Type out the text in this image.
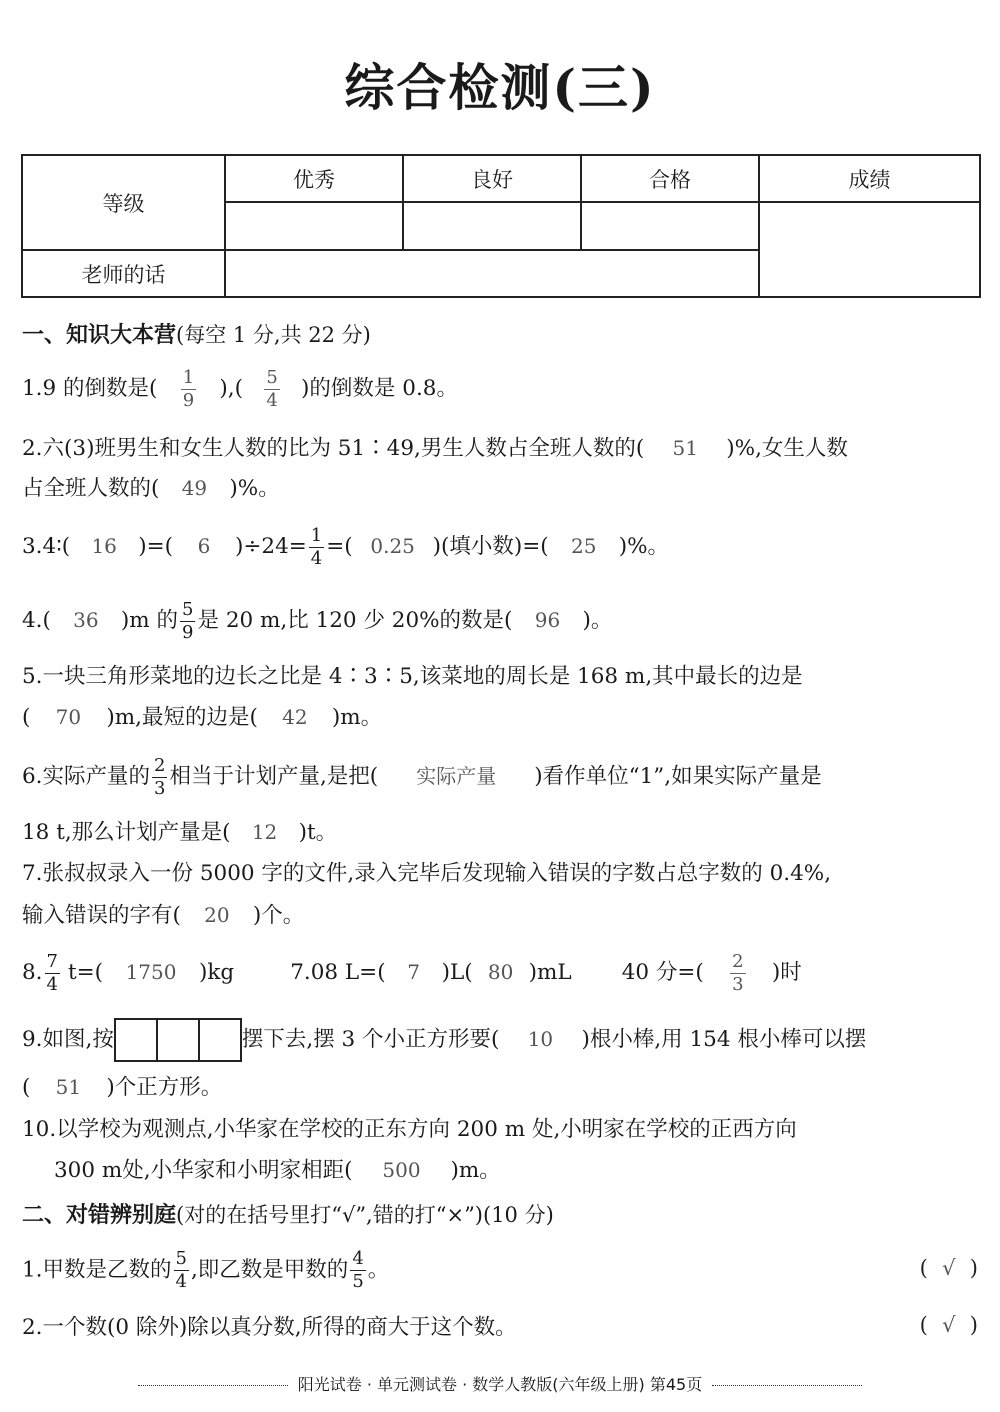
综合检测(三)
等级	优秀	良好	合格	成绩

老师的话				
一、知识大本营(每空 1 分,共 22 分)
1.9 的倒数是( $\frac{1}{9}$ ),( $\frac{5}{4}$ )的倒数是 0.8。
2.六(3)班男生和女生人数的比为 51∶49,男生人数占全班人数的( 51 )%,女生人数
占全班人数的( 49 )%。
3.4∶( 16 )=( 6 )$\div 24= \frac{1}{4}$ =( 0.25 )(填小数)=( 25 )%。
4.( 36 )m 的 $\frac{5}{9}$ 是 20 m,比 120 少 20%的数是( 96 )。
5.一块三角形菜地的边长之比是 4∶3∶5,该菜地的周长是 168 m,其中最长的边是
( 70 )m,最短的边是( 42 )m。
6.实际产量的 $\frac{2}{3}$ 相当于计划产量,是把( 实际产量 )看作单位“1”,如果实际产量是
18 t,那么计划产量是( 12 )t。
7.张叔叔录入一份 5000 字的文件,录入完毕后发现输入错误的字数占总字数的 0.4%,
输入错误的字有( 20 )个。
8. $\frac{7}{4} t=$( 1750 )kg	7.08 L=( 7 )L( 80 )mL 40 分=( $\frac{2}{3}$ )时
9.如图,按	摆下去,摆 3 个小正方形要( 10 )根小棒,用 154 根小棒可以摆
( 51 )个正方形。
10.以学校为观测点,小华家在学校的正东方向 200 m 处,小明家在学校的正西方向
300 m处,小华家和小明家相距( 500 )m。
二、对错辨别庭(对的在括号里打“√”,错的打“×”)(10 分)
1.甲数是乙数的 $\frac{5}{4}$ ,即乙数是甲数的 $\frac{4}{5}$ 。	( √ )
2.一个数(0 除外)除以真分数,所得的商大于这个数。	( √ )
阳光试卷 · 单元测试卷 · 数学人教版(六年级上册) 第45页
